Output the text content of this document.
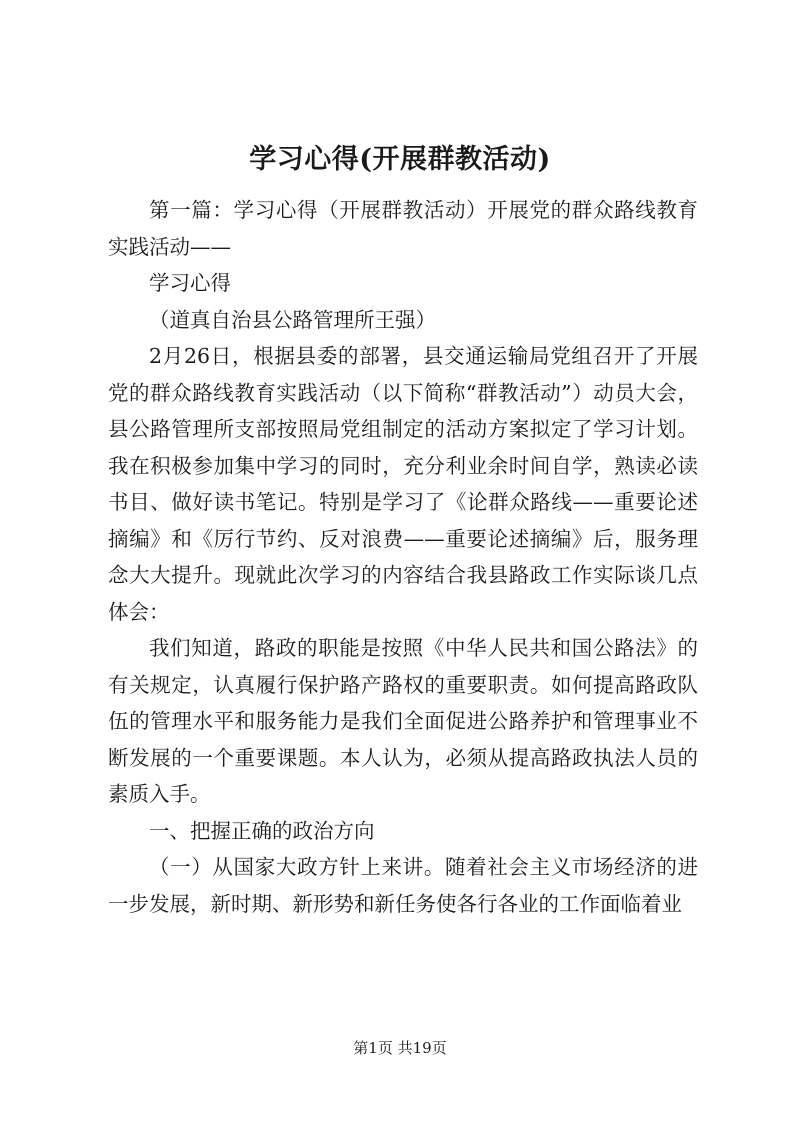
学习心得(开展群教活动)

第一篇：学习心得（开展群教活动）开展党的群众路线教育实践活动——

学习心得

（道真自治县公路管理所王强）

2月26日，根据县委的部署，县交通运输局党组召开了开展党的群众路线教育实践活动（以下简称“群教活动”）动员大会，县公路管理所支部按照局党组制定的活动方案拟定了学习计划。我在积极参加集中学习的同时，充分利业余时间自学，熟读必读书目、做好读书笔记。特别是学习了《论群众路线——重要论述摘编》和《厉行节约、反对浪费——重要论述摘编》后，服务理念大大提升。现就此次学习的内容结合我县路政工作实际谈几点体会：

我们知道，路政的职能是按照《中华人民共和国公路法》的有关规定，认真履行保护路产路权的重要职责。如何提高路政队伍的管理水平和服务能力是我们全面促进公路养护和管理事业不断发展的一个重要课题。本人认为，必须从提高路政执法人员的素质入手。

一、把握正确的政治方向

（一）从国家大政方针上来讲。随着社会主义市场经济的进一步发展，新时期、新形势和新任务使各行各业的工作面临着业

第1页 共19页
